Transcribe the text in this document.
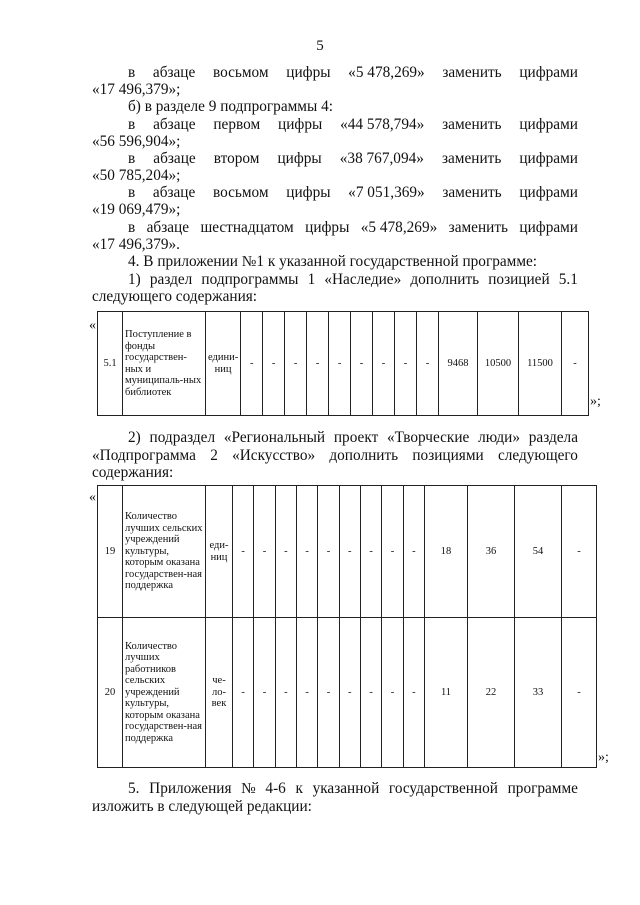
5
в абзаце восьмом цифры «5 478,269» заменить цифрами
«17 496,379»;
б) в разделе 9 подпрограммы 4:
в абзаце первом цифры «44 578,794» заменить цифрами
«56 596,904»;
в абзаце втором цифры «38 767,094» заменить цифрами
«50 785,204»;
в абзаце восьмом цифры «7 051,369» заменить цифрами
«19 069,479»;
в абзаце шестнадцатом цифры «5 478,269» заменить цифрами
«17 496,379».
4. В приложении №1 к указанной государственной программе:
1) раздел подпрограммы 1 «Наследие» дополнить позицией 5.1
следующего содержания:
«
5.1	Поступление в фонды государствен-ных и муниципаль-ных библиотек	едини-ниц	-	-	-	-	-	-	-	-	-	9468	10500	11500	-
»;
2) подраздел «Региональный проект «Творческие люди» раздела
«Подпрограмма 2 «Искусство» дополнить позициями следующего
содержания:
«
19	Количество лучших сельских учреждений культуры, которым оказана государствен-ная поддержка	еди-ниц	-	-	-	-	-	-	-	-	-	18	36	54	-
20	Количество лучших работников сельских учреждений культуры, которым оказана государствен-ная поддержка	че-ло-век	-	-	-	-	-	-	-	-	-	11	22	33	-
»;
5. Приложения № 4-6 к указанной государственной программе
изложить в следующей редакции:
